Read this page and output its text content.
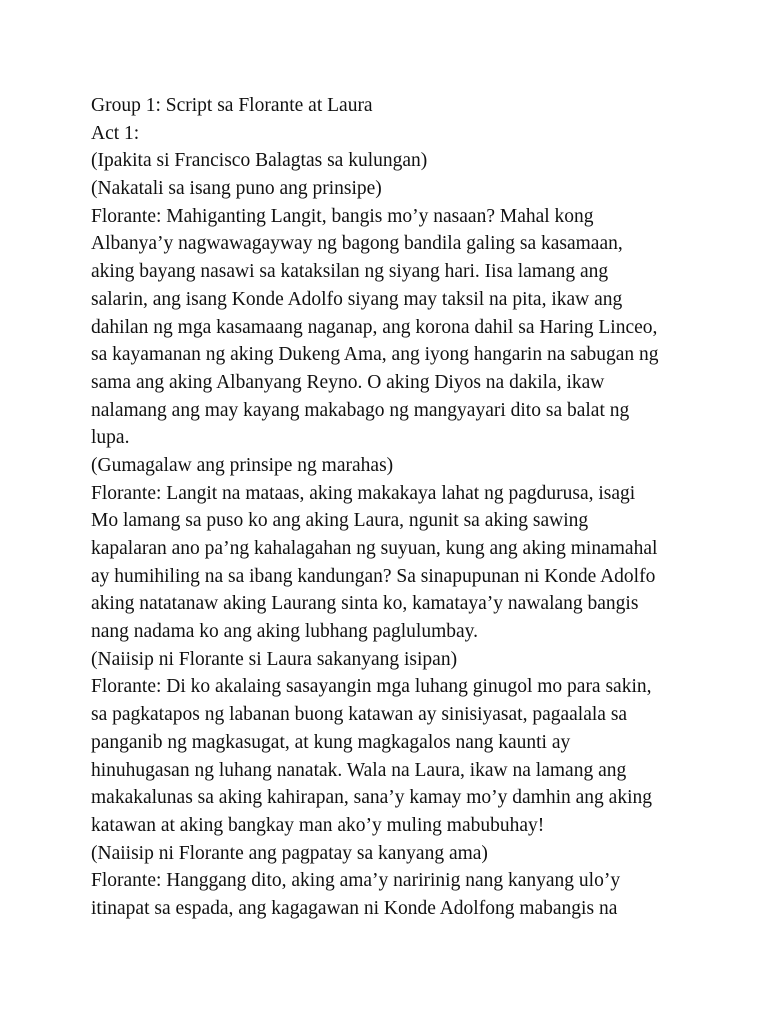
Group 1: Script sa Florante at Laura
Act 1:
(Ipakita si Francisco Balagtas sa kulungan)
(Nakatali sa isang puno ang prinsipe)
Florante: Mahiganting Langit, bangis mo’y nasaan? Mahal kong
Albanya’y nagwawagayway ng bagong bandila galing sa kasamaan,
aking bayang nasawi sa kataksilan ng siyang hari. Iisa lamang ang
salarin, ang isang Konde Adolfo siyang may taksil na pita, ikaw ang
dahilan ng mga kasamaang naganap, ang korona dahil sa Haring Linceo,
sa kayamanan ng aking Dukeng Ama, ang iyong hangarin na sabugan ng
sama ang aking Albanyang Reyno. O aking Diyos na dakila, ikaw
nalamang ang may kayang makabago ng mangyayari dito sa balat ng
lupa.
(Gumagalaw ang prinsipe ng marahas)
Florante: Langit na mataas, aking makakaya lahat ng pagdurusa, isagi
Mo lamang sa puso ko ang aking Laura, ngunit sa aking sawing
kapalaran ano pa’ng kahalagahan ng suyuan, kung ang aking minamahal
ay humihiling na sa ibang kandungan? Sa sinapupunan ni Konde Adolfo
aking natatanaw aking Laurang sinta ko, kamataya’y nawalang bangis
nang nadama ko ang aking lubhang paglulumbay.
(Naiisip ni Florante si Laura sakanyang isipan)
Florante: Di ko akalaing sasayangin mga luhang ginugol mo para sakin,
sa pagkatapos ng labanan buong katawan ay sinisiyasat, pagaalala sa
panganib ng magkasugat, at kung magkagalos nang kaunti ay
hinuhugasan ng luhang nanatak. Wala na Laura, ikaw na lamang ang
makakalunas sa aking kahirapan, sana’y kamay mo’y damhin ang aking
katawan at aking bangkay man ako’y muling mabubuhay!
(Naiisip ni Florante ang pagpatay sa kanyang ama)
Florante: Hanggang dito, aking ama’y naririnig nang kanyang ulo’y
itinapat sa espada, ang kagagawan ni Konde Adolfong mabangis na
